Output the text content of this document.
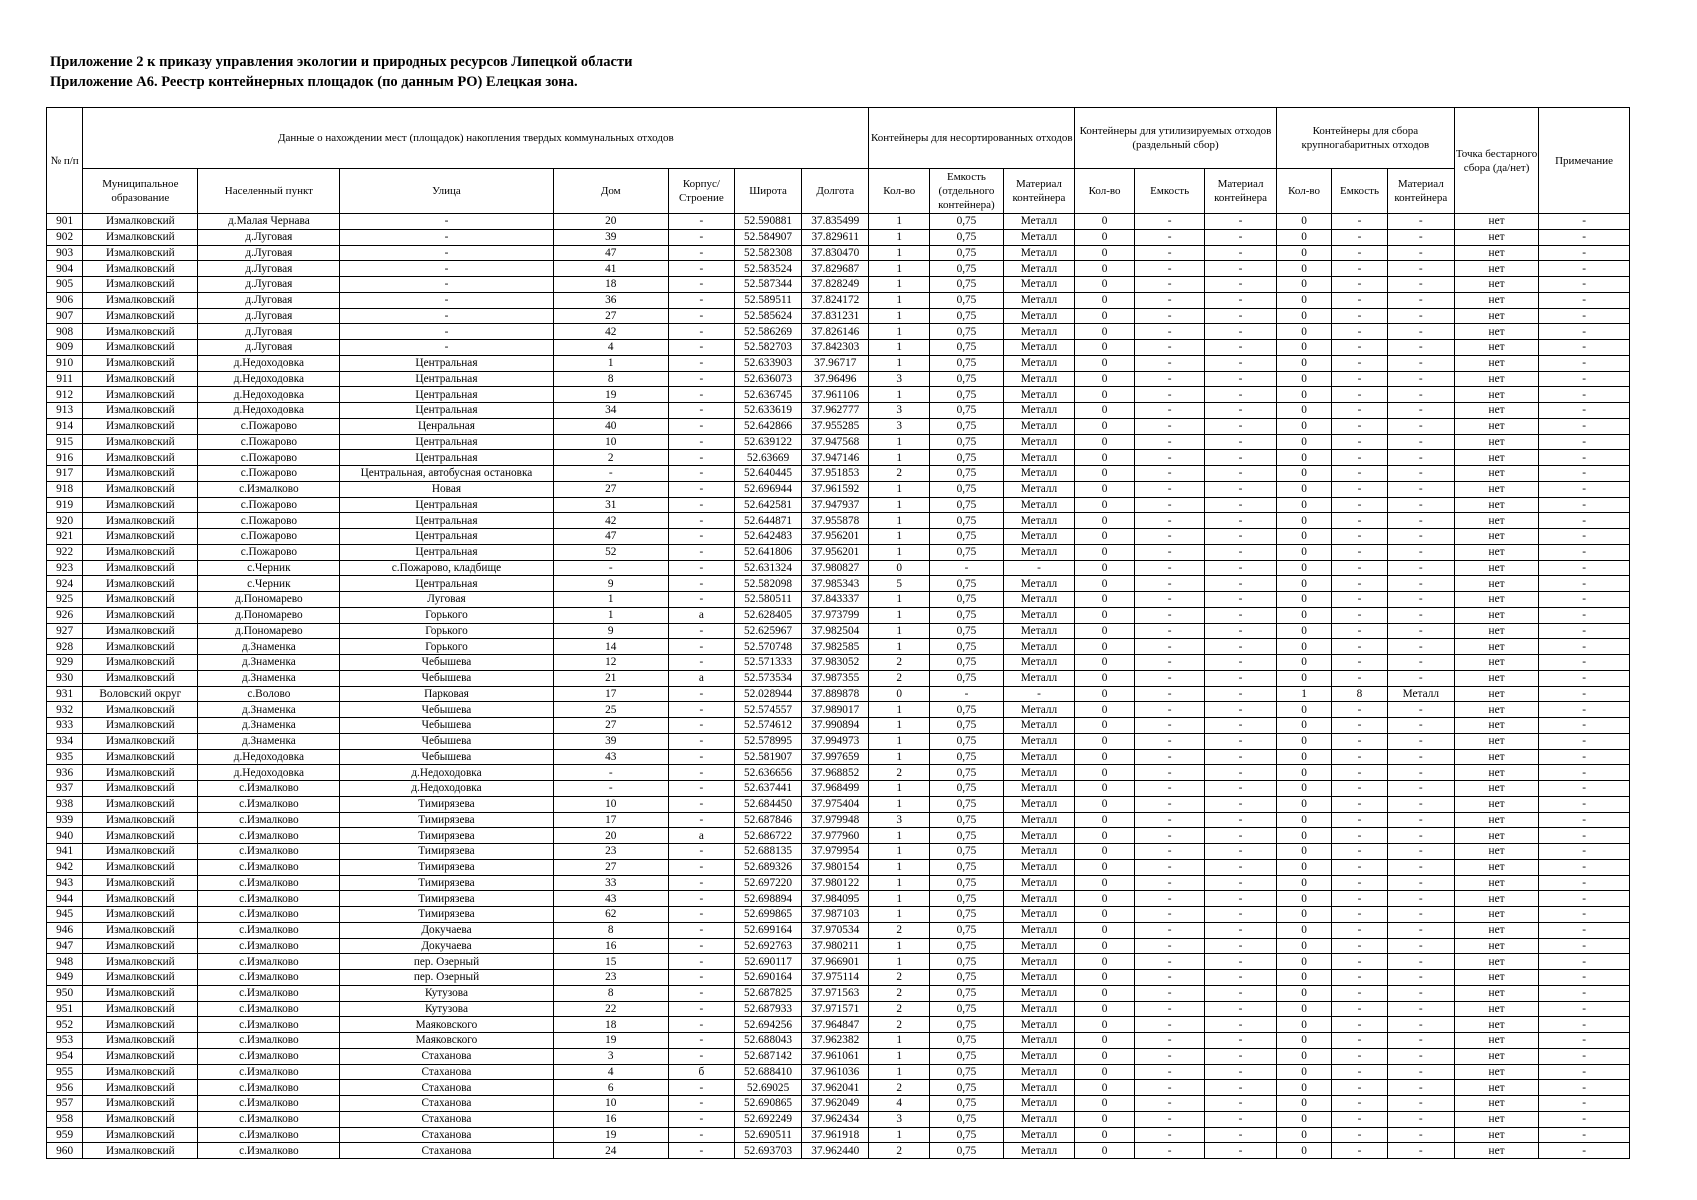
Приложение 2 к приказу управления экологии и природных ресурсов Липецкой области
Приложение А6. Реестр контейнерных площадок (по данным РО) Елецкая зона.
№ п/п	Данные о нахождении мест (площадок) накопления твердых коммунальных отходов							Контейнеры для несортированных отходов			Контейнеры для утилизируемых отходов (раздельный сбор)			Контейнеры для сбора крупногабаритных отходов			Точка бестарного сбора (да/нет)	Примечание
	Муниципальное образование	Населенный пункт	Улица	Дом	Корпус/ Строение	Широта	Долгота	Кол-во	Емкость (отдельного контейнера)	Материал контейнера	Кол-во	Емкость	Материал контейнера	Кол-во	Емкость	Материал контейнера		
901	Измалковский	д.Малая Чернава	-	20	-	52.590881	37.835499	1	0,75	Металл	0	-	-	0	-	-	нет	-
902	Измалковский	д.Луговая	-	39	-	52.584907	37.829611	1	0,75	Металл	0	-	-	0	-	-	нет	-
903	Измалковский	д.Луговая	-	47	-	52.582308	37.830470	1	0,75	Металл	0	-	-	0	-	-	нет	-
904	Измалковский	д.Луговая	-	41	-	52.583524	37.829687	1	0,75	Металл	0	-	-	0	-	-	нет	-
905	Измалковский	д.Луговая	-	18	-	52.587344	37.828249	1	0,75	Металл	0	-	-	0	-	-	нет	-
906	Измалковский	д.Луговая	-	36	-	52.589511	37.824172	1	0,75	Металл	0	-	-	0	-	-	нет	-
907	Измалковский	д.Луговая	-	27	-	52.585624	37.831231	1	0,75	Металл	0	-	-	0	-	-	нет	-
908	Измалковский	д.Луговая	-	42	-	52.586269	37.826146	1	0,75	Металл	0	-	-	0	-	-	нет	-
909	Измалковский	д.Луговая	-	4	-	52.582703	37.842303	1	0,75	Металл	0	-	-	0	-	-	нет	-
910	Измалковский	д.Недоходовка	Центральная	1	-	52.633903	37.96717	1	0,75	Металл	0	-	-	0	-	-	нет	-
911	Измалковский	д.Недоходовка	Центральная	8	-	52.636073	37.96496	3	0,75	Металл	0	-	-	0	-	-	нет	-
912	Измалковский	д.Недоходовка	Центральная	19	-	52.636745	37.961106	1	0,75	Металл	0	-	-	0	-	-	нет	-
913	Измалковский	д.Недоходовка	Центральная	34	-	52.633619	37.962777	3	0,75	Металл	0	-	-	0	-	-	нет	-
914	Измалковский	с.Пожарово	Ценральная	40	-	52.642866	37.955285	3	0,75	Металл	0	-	-	0	-	-	нет	-
915	Измалковский	с.Пожарово	Центральная	10	-	52.639122	37.947568	1	0,75	Металл	0	-	-	0	-	-	нет	-
916	Измалковский	с.Пожарово	Центральная	2	-	52.63669	37.947146	1	0,75	Металл	0	-	-	0	-	-	нет	-
917	Измалковский	с.Пожарово	Центральная, автобусная остановка	-	-	52.640445	37.951853	2	0,75	Металл	0	-	-	0	-	-	нет	-
918	Измалковский	с.Измалково	Новая	27	-	52.696944	37.961592	1	0,75	Металл	0	-	-	0	-	-	нет	-
919	Измалковский	с.Пожарово	Центральная	31	-	52.642581	37.947937	1	0,75	Металл	0	-	-	0	-	-	нет	-
920	Измалковский	с.Пожарово	Центральная	42	-	52.644871	37.955878	1	0,75	Металл	0	-	-	0	-	-	нет	-
921	Измалковский	с.Пожарово	Центральная	47	-	52.642483	37.956201	1	0,75	Металл	0	-	-	0	-	-	нет	-
922	Измалковский	с.Пожарово	Центральная	52	-	52.641806	37.956201	1	0,75	Металл	0	-	-	0	-	-	нет	-
923	Измалковский	с.Черник	с.Пожарово, кладбище	-	-	52.631324	37.980827	0	-	-	0	-	-	0	-	-	нет	-
924	Измалковский	с.Черник	Центральная	9	-	52.582098	37.985343	5	0,75	Металл	0	-	-	0	-	-	нет	-
925	Измалковский	д.Пономарево	Луговая	1	-	52.580511	37.843337	1	0,75	Металл	0	-	-	0	-	-	нет	-
926	Измалковский	д.Пономарево	Горького	1	а	52.628405	37.973799	1	0,75	Металл	0	-	-	0	-	-	нет	-
927	Измалковский	д.Пономарево	Горького	9	-	52.625967	37.982504	1	0,75	Металл	0	-	-	0	-	-	нет	-
928	Измалковский	д.Знаменка	Горького	14	-	52.570748	37.982585	1	0,75	Металл	0	-	-	0	-	-	нет	-
929	Измалковский	д.Знаменка	Чебышева	12	-	52.571333	37.983052	2	0,75	Металл	0	-	-	0	-	-	нет	-
930	Измалковский	д.Знаменка	Чебышева	21	а	52.573534	37.987355	2	0,75	Металл	0	-	-	0	-	-	нет	-
931	Воловский округ	с.Волово	Парковая	17	-	52.028944	37.889878	0	-	-	0	-	-	1	8	Металл	нет	-
932	Измалковский	д.Знаменка	Чебышева	25	-	52.574557	37.989017	1	0,75	Металл	0	-	-	0	-	-	нет	-
933	Измалковский	д.Знаменка	Чебышева	27	-	52.574612	37.990894	1	0,75	Металл	0	-	-	0	-	-	нет	-
934	Измалковский	д.Знаменка	Чебышева	39	-	52.578995	37.994973	1	0,75	Металл	0	-	-	0	-	-	нет	-
935	Измалковский	д.Недоходовка	Чебышева	43	-	52.581907	37.997659	1	0,75	Металл	0	-	-	0	-	-	нет	-
936	Измалковский	д.Недоходовка	д.Недоходовка	-	-	52.636656	37.968852	2	0,75	Металл	0	-	-	0	-	-	нет	-
937	Измалковский	с.Измалково	д.Недоходовка	-	-	52.637441	37.968499	1	0,75	Металл	0	-	-	0	-	-	нет	-
938	Измалковский	с.Измалково	Тимирязева	10	-	52.684450	37.975404	1	0,75	Металл	0	-	-	0	-	-	нет	-
939	Измалковский	с.Измалково	Тимирязева	17	-	52.687846	37.979948	3	0,75	Металл	0	-	-	0	-	-	нет	-
940	Измалковский	с.Измалково	Тимирязева	20	а	52.686722	37.977960	1	0,75	Металл	0	-	-	0	-	-	нет	-
941	Измалковский	с.Измалково	Тимирязева	23	-	52.688135	37.979954	1	0,75	Металл	0	-	-	0	-	-	нет	-
942	Измалковский	с.Измалково	Тимирязева	27	-	52.689326	37.980154	1	0,75	Металл	0	-	-	0	-	-	нет	-
943	Измалковский	с.Измалково	Тимирязева	33	-	52.697220	37.980122	1	0,75	Металл	0	-	-	0	-	-	нет	-
944	Измалковский	с.Измалково	Тимирязева	43	-	52.698894	37.984095	1	0,75	Металл	0	-	-	0	-	-	нет	-
945	Измалковский	с.Измалково	Тимирязева	62	-	52.699865	37.987103	1	0,75	Металл	0	-	-	0	-	-	нет	-
946	Измалковский	с.Измалково	Докучаева	8	-	52.699164	37.970534	2	0,75	Металл	0	-	-	0	-	-	нет	-
947	Измалковский	с.Измалково	Докучаева	16	-	52.692763	37.980211	1	0,75	Металл	0	-	-	0	-	-	нет	-
948	Измалковский	с.Измалково	пер. Озерный	15	-	52.690117	37.966901	1	0,75	Металл	0	-	-	0	-	-	нет	-
949	Измалковский	с.Измалково	пер. Озерный	23	-	52.690164	37.975114	2	0,75	Металл	0	-	-	0	-	-	нет	-
950	Измалковский	с.Измалково	Кутузова	8	-	52.687825	37.971563	2	0,75	Металл	0	-	-	0	-	-	нет	-
951	Измалковский	с.Измалково	Кутузова	22	-	52.687933	37.971571	2	0,75	Металл	0	-	-	0	-	-	нет	-
952	Измалковский	с.Измалково	Маяковского	18	-	52.694256	37.964847	2	0,75	Металл	0	-	-	0	-	-	нет	-
953	Измалковский	с.Измалково	Маяковского	19	-	52.688043	37.962382	1	0,75	Металл	0	-	-	0	-	-	нет	-
954	Измалковский	с.Измалково	Стаханова	3	-	52.687142	37.961061	1	0,75	Металл	0	-	-	0	-	-	нет	-
955	Измалковский	с.Измалково	Стаханова	4	б	52.688410	37.961036	1	0,75	Металл	0	-	-	0	-	-	нет	-
956	Измалковский	с.Измалково	Стаханова	6	-	52.69025	37.962041	2	0,75	Металл	0	-	-	0	-	-	нет	-
957	Измалковский	с.Измалково	Стаханова	10	-	52.690865	37.962049	4	0,75	Металл	0	-	-	0	-	-	нет	-
958	Измалковский	с.Измалково	Стаханова	16	-	52.692249	37.962434	3	0,75	Металл	0	-	-	0	-	-	нет	-
959	Измалковский	с.Измалково	Стаханова	19	-	52.690511	37.961918	1	0,75	Металл	0	-	-	0	-	-	нет	-
960	Измалковский	с.Измалково	Стаханова	24	-	52.693703	37.962440	2	0,75	Металл	0	-	-	0	-	-	нет	-
